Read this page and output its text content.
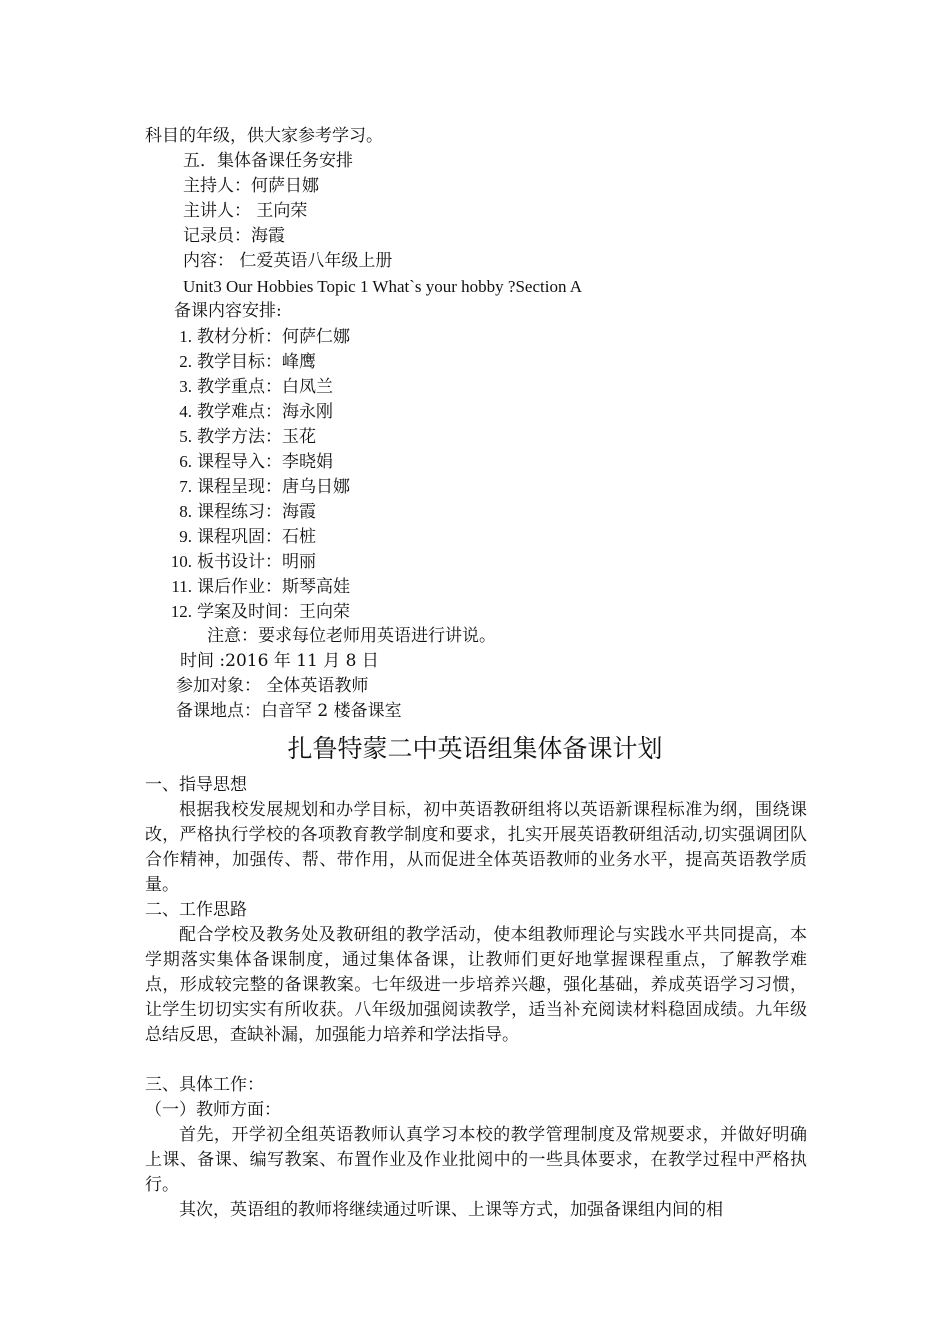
科目的年级，供大家参考学习。
五．集体备课任务安排
主持人：何萨日娜
主讲人： 王向荣
记录员：海霞
内容： 仁爱英语八年级上册
Unit3 Our Hobbies Topic 1 What`s your hobby ?Section A
备课内容安排:
1. 教材分析：何萨仁娜
2. 教学目标：峰鹰
3. 教学重点：白凤兰
4. 教学难点：海永刚
5. 教学方法：玉花
6. 课程导入：李晓娟
7. 课程呈现：唐乌日娜
8. 课程练习：海霞
9. 课程巩固：石桩
10. 板书设计：明丽
11. 课后作业：斯琴高娃
12. 学案及时间：王向荣
注意：要求每位老师用英语进行讲说。
时间 :2016 年 11 月 8 日
参加对象： 全体英语教师
备课地点：白音罕 2 楼备课室
扎鲁特蒙二中英语组集体备课计划
一、指导思想
根据我校发展规划和办学目标，初中英语教研组将以英语新课程标准为纲，围绕课改，严格执行学校的各项教育教学制度和要求，扎实开展英语教研组活动,切实强调团队合作精神，加强传、帮、带作用，从而促进全体英语教师的业务水平，提高英语教学质量。
二、工作思路
配合学校及教务处及教研组的教学活动，使本组教师理论与实践水平共同提高，本学期落实集体备课制度，通过集体备课，让教师们更好地掌握课程重点，了解教学难点，形成较完整的备课教案。七年级进一步培养兴趣，强化基础，养成英语学习习惯，让学生切切实实有所收获。八年级加强阅读教学，适当补充阅读材料稳固成绩。九年级总结反思，查缺补漏，加强能力培养和学法指导。
三、具体工作：
（一）教师方面：
首先，开学初全组英语教师认真学习本校的教学管理制度及常规要求，并做好明确上课、备课、编写教案、布置作业及作业批阅中的一些具体要求，在教学过程中严格执行。
其次，英语组的教师将继续通过听课、上课等方式，加强备课组内间的相
